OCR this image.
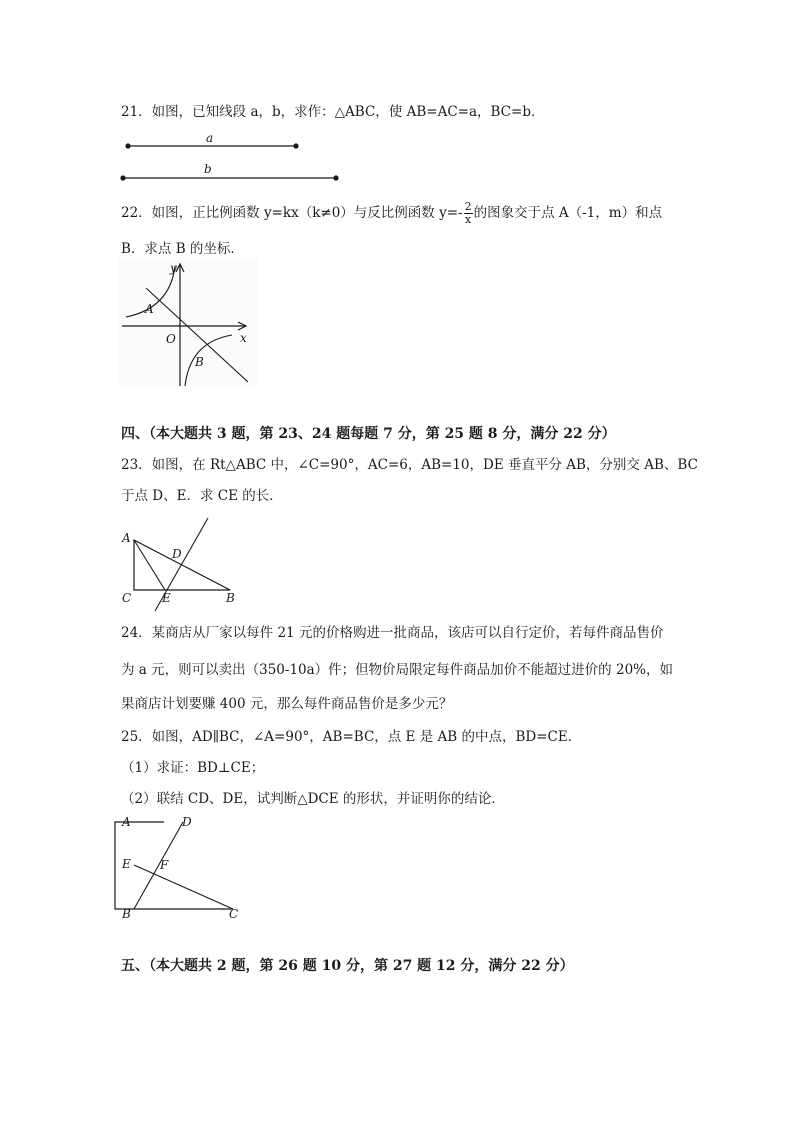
21．如图，已知线段 a，b，求作：△ABC，使 AB=AC=a，BC=b．
a
b
22．如图，正比例函数 y=kx（k≠0）与反比例函数 $y=- \frac{2}{x}$ 的图象交于点 A（-1，m）和点
B．求点 B 的坐标．
x
y
O
A
B
四、（本大题共 3 题，第 23、24 题每题 7 分，第 25 题 8 分，满分 22 分）
23．如图，在 Rt△ABC 中，∠C=90°，AC=6，AB=10，DE 垂直平分 AB，分别交 AB、BC
于点 D、E．求 CE 的长．
A
D
C	E	B
24．某商店从厂家以每件 21 元的价格购进一批商品，该店可以自行定价，若每件商品售价
为 a 元，则可以卖出（350-10a）件；但物价局限定每件商品加价不能超过进价的 20%，如
果商店计划要赚 400 元，那么每件商品售价是多少元？
25．如图，AD∥BC，∠A=90°，AB=BC，点 E 是 AB 的中点，BD=CE．
（1）求证：BD⊥CE；
（2）联结 CD、DE，试判断△DCE 的形状，并证明你的结论．
A	D
E F
B	C
五、（本大题共 2 题，第 26 题 10 分，第 27 题 12 分，满分 22 分）
